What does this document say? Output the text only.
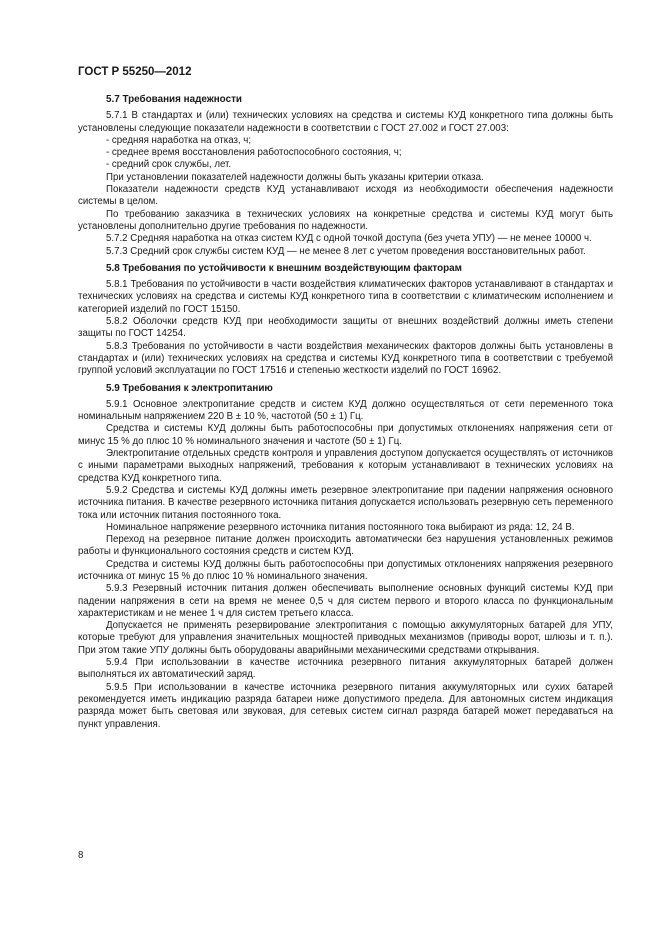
ГОСТ Р 55250—2012
5.7 Требования надежности

5.7.1 В стандартах и (или) технических условиях на средства и системы КУД конкретного типа должны быть установлены следующие показатели надежности в соответствии с ГОСТ 27.002 и ГОСТ 27.003:

- средняя наработка на отказ, ч;

- среднее время восстановления работоспособного состояния, ч;

- средний срок службы, лет.

При установлении показателей надежности должны быть указаны критерии отказа.

Показатели надежности средств КУД устанавливают исходя из необходимости обеспечения надежности системы в целом.

По требованию заказчика в технических условиях на конкретные средства и системы КУД могут быть установлены дополнительно другие требования по надежности.

5.7.2 Средняя наработка на отказ систем КУД с одной точкой доступа (без учета УПУ) — не менее 10000 ч.

5.7.3 Средний срок службы систем КУД — не менее 8 лет с учетом проведения восстановительных работ.

5.8 Требования по устойчивости к внешним воздействующим факторам

5.8.1 Требования по устойчивости в части воздействия климатических факторов устанавливают в стандартах и технических условиях на средства и системы КУД конкретного типа в соответствии с климатическим исполнением и категорией изделий по ГОСТ 15150.

5.8.2 Оболочки средств КУД при необходимости защиты от внешних воздействий должны иметь степени защиты по ГОСТ 14254.

5.8.3 Требования по устойчивости в части воздействия механических факторов должны быть установлены в стандартах и (или) технических условиях на средства и системы КУД конкретного типа в соответствии с требуемой группой условий эксплуатации по ГОСТ 17516 и степенью жесткости изделий по ГОСТ 16962.

5.9 Требования к электропитанию

5.9.1 Основное электропитание средств и систем КУД должно осуществляться от сети переменного тока номинальным напряжением 220 В ± 10 %, частотой (50 ± 1) Гц.

Средства и системы КУД должны быть работоспособны при допустимых отклонениях напряжения сети от минус 15 % до плюс 10 % номинального значения и частоте (50 ± 1) Гц.

Электропитание отдельных средств контроля и управления доступом допускается осуществлять от источников с иными параметрами выходных напряжений, требования к которым устанавливают в технических условиях на средства КУД конкретного типа.

5.9.2 Средства и системы КУД должны иметь резервное электропитание при падении напряжения основного источника питания. В качестве резервного источника питания допускается использовать резервную сеть переменного тока или источник питания постоянного тока.

Номинальное напряжение резервного источника питания постоянного тока выбирают из ряда: 12, 24 В.

Переход на резервное питание должен происходить автоматически без нарушения установленных режимов работы и функционального состояния средств и систем КУД.

Средства и системы КУД должны быть работоспособны при допустимых отклонениях напряжения резервного источника от минус 15 % до плюс 10 % номинального значения.

5.9.3 Резервный источник питания должен обеспечивать выполнение основных функций системы КУД при падении напряжения в сети на время не менее 0,5 ч для систем первого и второго класса по функциональным характеристикам и не менее 1 ч для систем третьего класса.

Допускается не применять резервирование электропитания с помощью аккумуляторных батарей для УПУ, которые требуют для управления значительных мощностей приводных механизмов (приводы ворот, шлюзы и т. п.). При этом такие УПУ должны быть оборудованы аварийными механическими средствами открывания.

5.9.4 При использовании в качестве источника резервного питания аккумуляторных батарей должен выполняться их автоматический заряд.

5.9.5 При использовании в качестве источника резервного питания аккумуляторных или сухих батарей рекомендуется иметь индикацию разряда батареи ниже допустимого предела. Для автономных систем индикация разряда может быть световая или звуковая, для сетевых систем сигнал разряда батарей может передаваться на пункт управления.

8
